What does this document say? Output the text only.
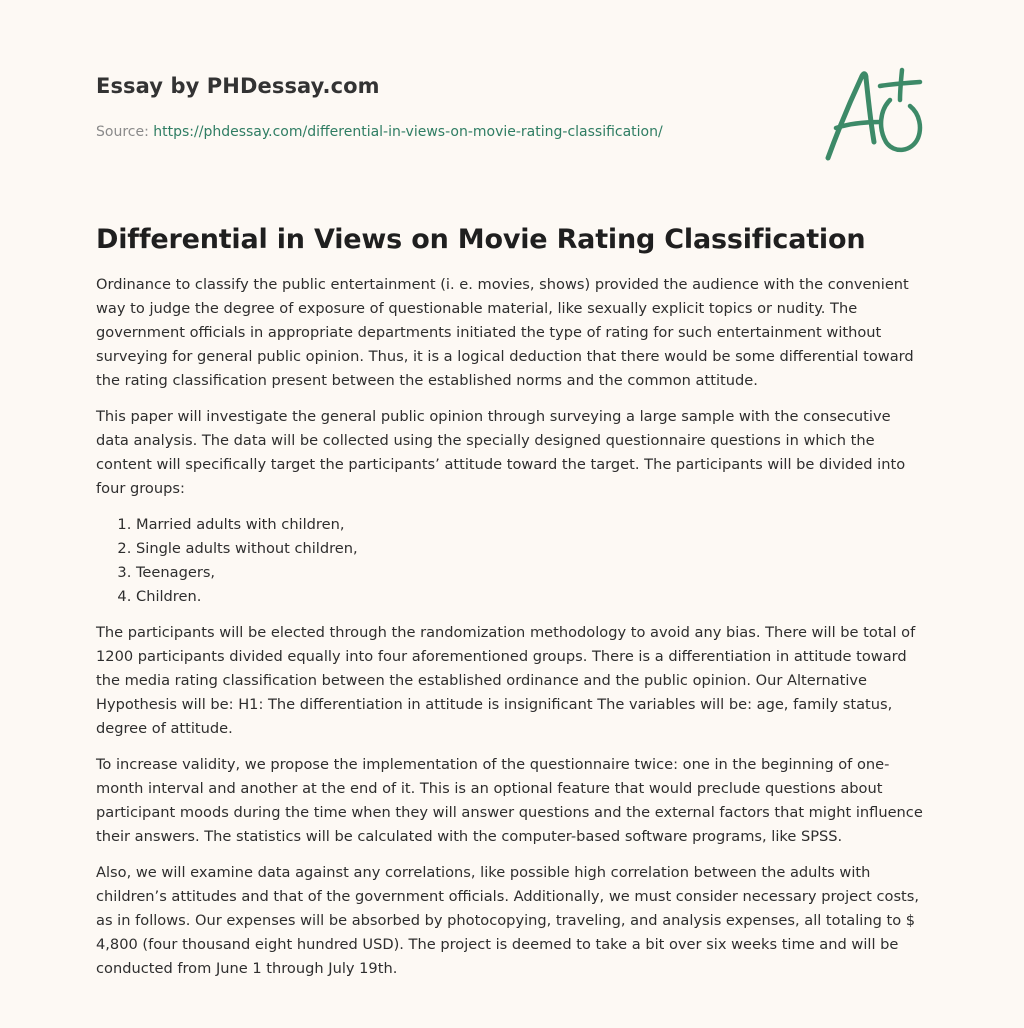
Essay by PHDessay.com
Source: https://phdessay.com/differential-in-views-on-movie-rating-classification/
Differential in Views on Movie Rating Classification

Ordinance to classify the public entertainment (i. e. movies, shows) provided the audience with the convenient way to judge the degree of exposure of questionable material, like sexually explicit topics or nudity. The government officials in appropriate departments initiated the type of rating for such entertainment without surveying for general public opinion. Thus, it is a logical deduction that there would be some differential toward the rating classification present between the established norms and the common attitude.

This paper will investigate the general public opinion through surveying a large sample with the consecutive data analysis. The data will be collected using the specially designed questionnaire questions in which the content will specifically target the participants’ attitude toward the target. The participants will be divided into four groups:

1. Married adults with children,
2. Single adults without children,
3. Teenagers,
4. Children.

The participants will be elected through the randomization methodology to avoid any bias. There will be total of 1200 participants divided equally into four aforementioned groups. There is a differentiation in attitude toward the media rating classification between the established ordinance and the public opinion. Our Alternative Hypothesis will be: H1: The differentiation in attitude is insignificant The variables will be: age, family status, degree of attitude.

To increase validity, we propose the implementation of the questionnaire twice: one in the beginning of one-month interval and another at the end of it. This is an optional feature that would preclude questions about participant moods during the time when they will answer questions and the external factors that might influence their answers. The statistics will be calculated with the computer-based software programs, like SPSS.

Also, we will examine data against any correlations, like possible high correlation between the adults with children’s attitudes and that of the government officials. Additionally, we must consider necessary project costs, as in follows. Our expenses will be absorbed by photocopying, traveling, and analysis expenses, all totaling to $ 4,800 (four thousand eight hundred USD). The project is deemed to take a bit over six weeks time and will be conducted from June 1 through July 19th.
